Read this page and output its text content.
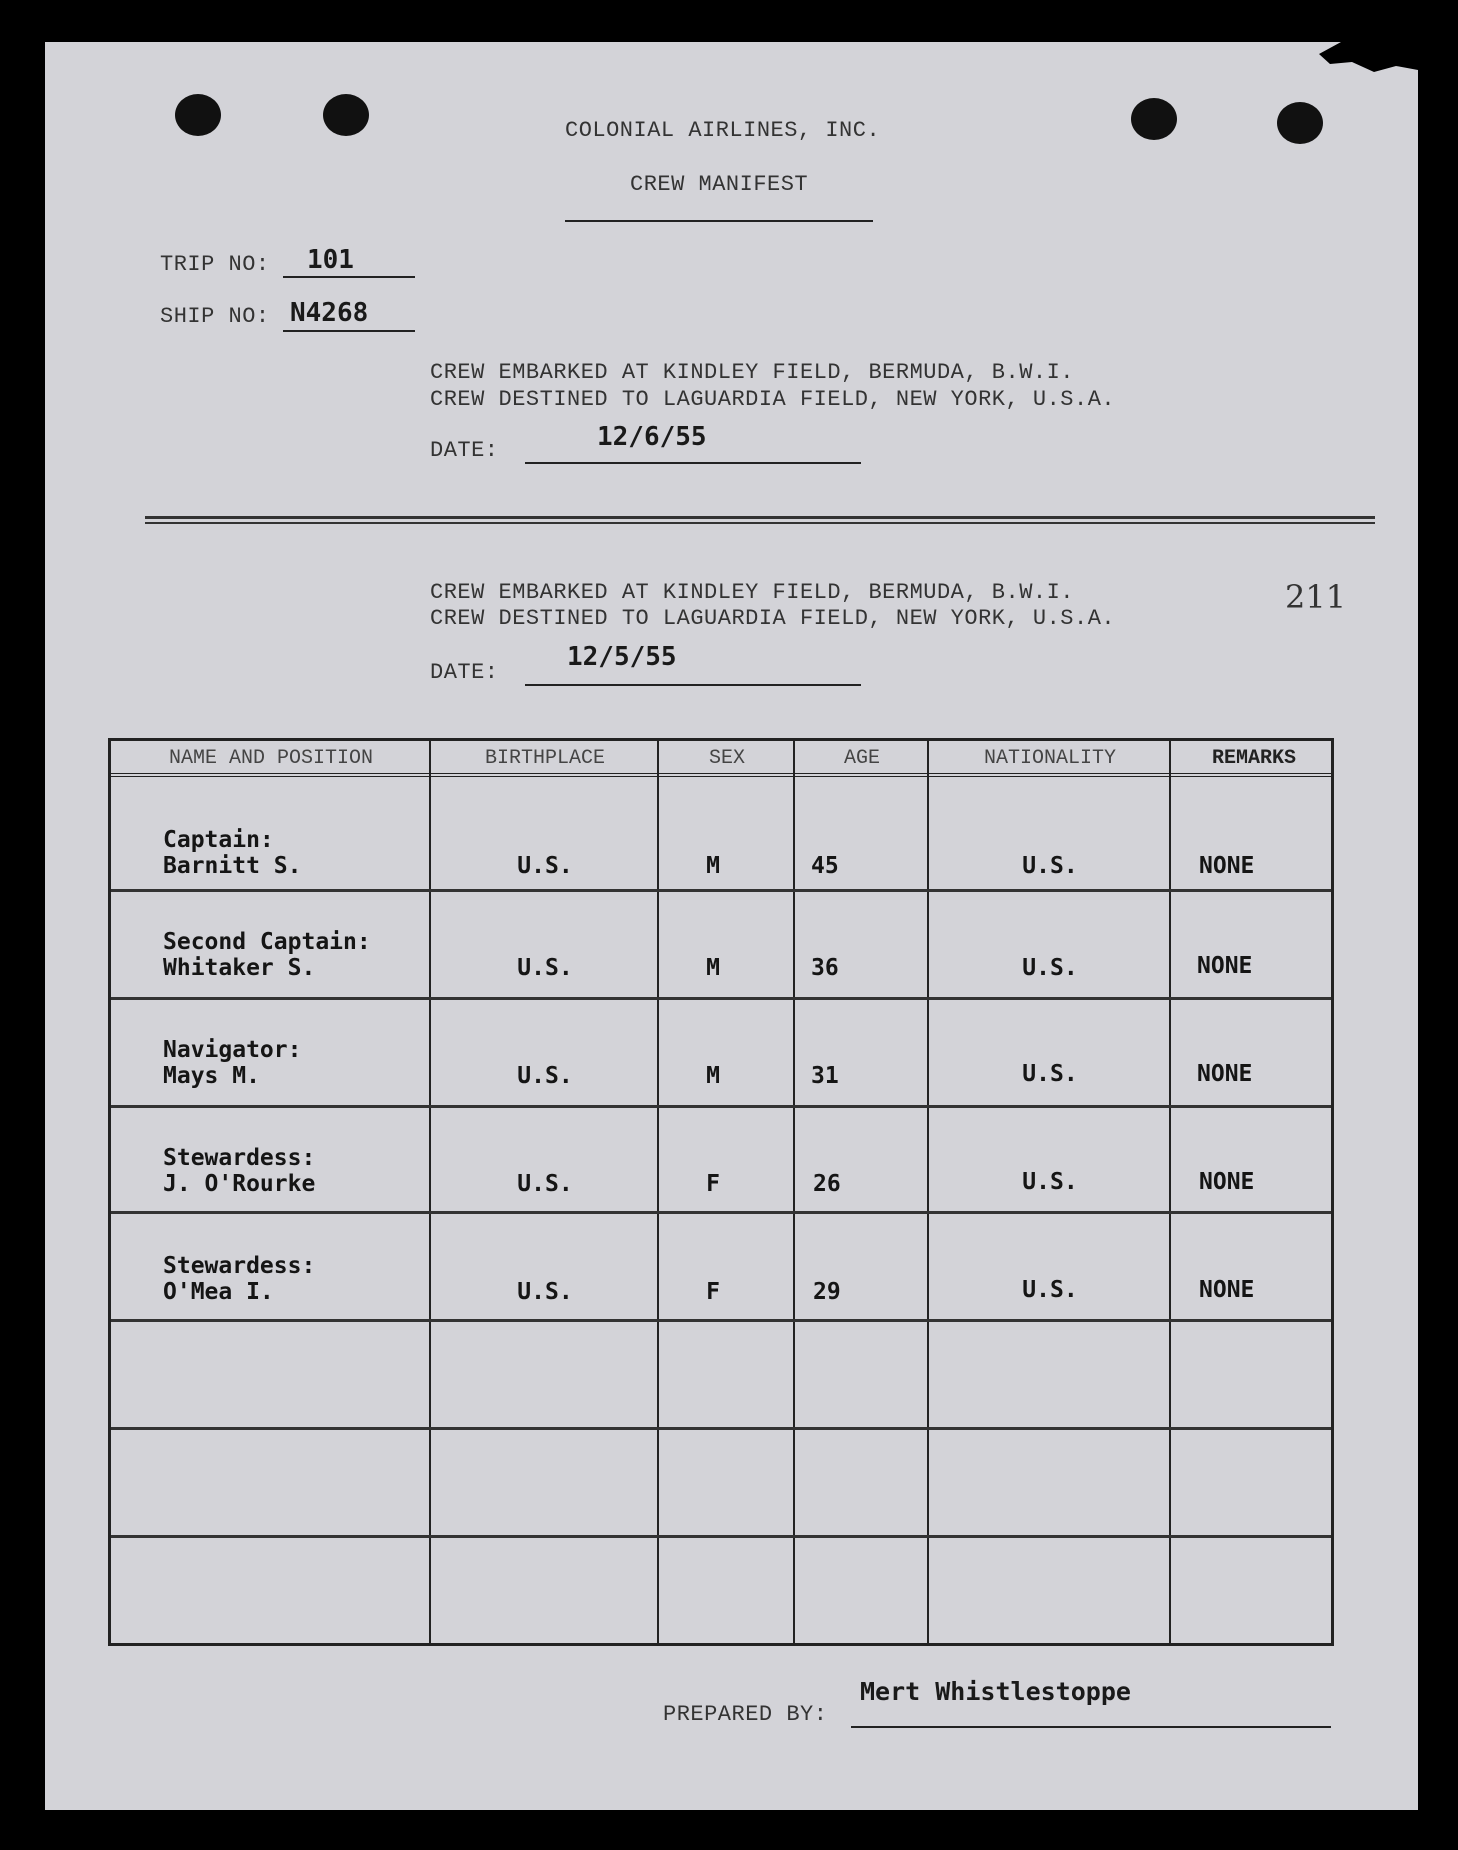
COLONIAL AIRLINES, INC.
CREW MANIFEST
TRIP NO: 101
SHIP NO: N4268
CREW EMBARKED AT KINDLEY FIELD, BERMUDA, B.W.I.
CREW DESTINED TO LAGUARDIA FIELD, NEW YORK, U.S.A.
DATE:	12/6/55
CREW EMBARKED AT KINDLEY FIELD, BERMUDA, B.W.I.
CREW DESTINED TO LAGUARDIA FIELD, NEW YORK, U.S.A.
211
DATE:
12/5/55
PREPARED BY:
Mert Whistlestoppe
NAME AND POSITION	BIRTHPLACE	SEX	AGE	NATIONALITY	REMARKS
Captain:
Barnitt S.	U.S.	M	45	U.S.	NONE
Second Captain:
Whitaker S.	U.S.	M	36	U.S.	NONE
Navigator:
Mays M.	U.S.	M	31	U.S.	NONE
Stewardess:
J. O'Rourke	U.S.	F	26	U.S.	NONE
Stewardess:
O'Mea I.	U.S.	F	29	U.S.	NONE
